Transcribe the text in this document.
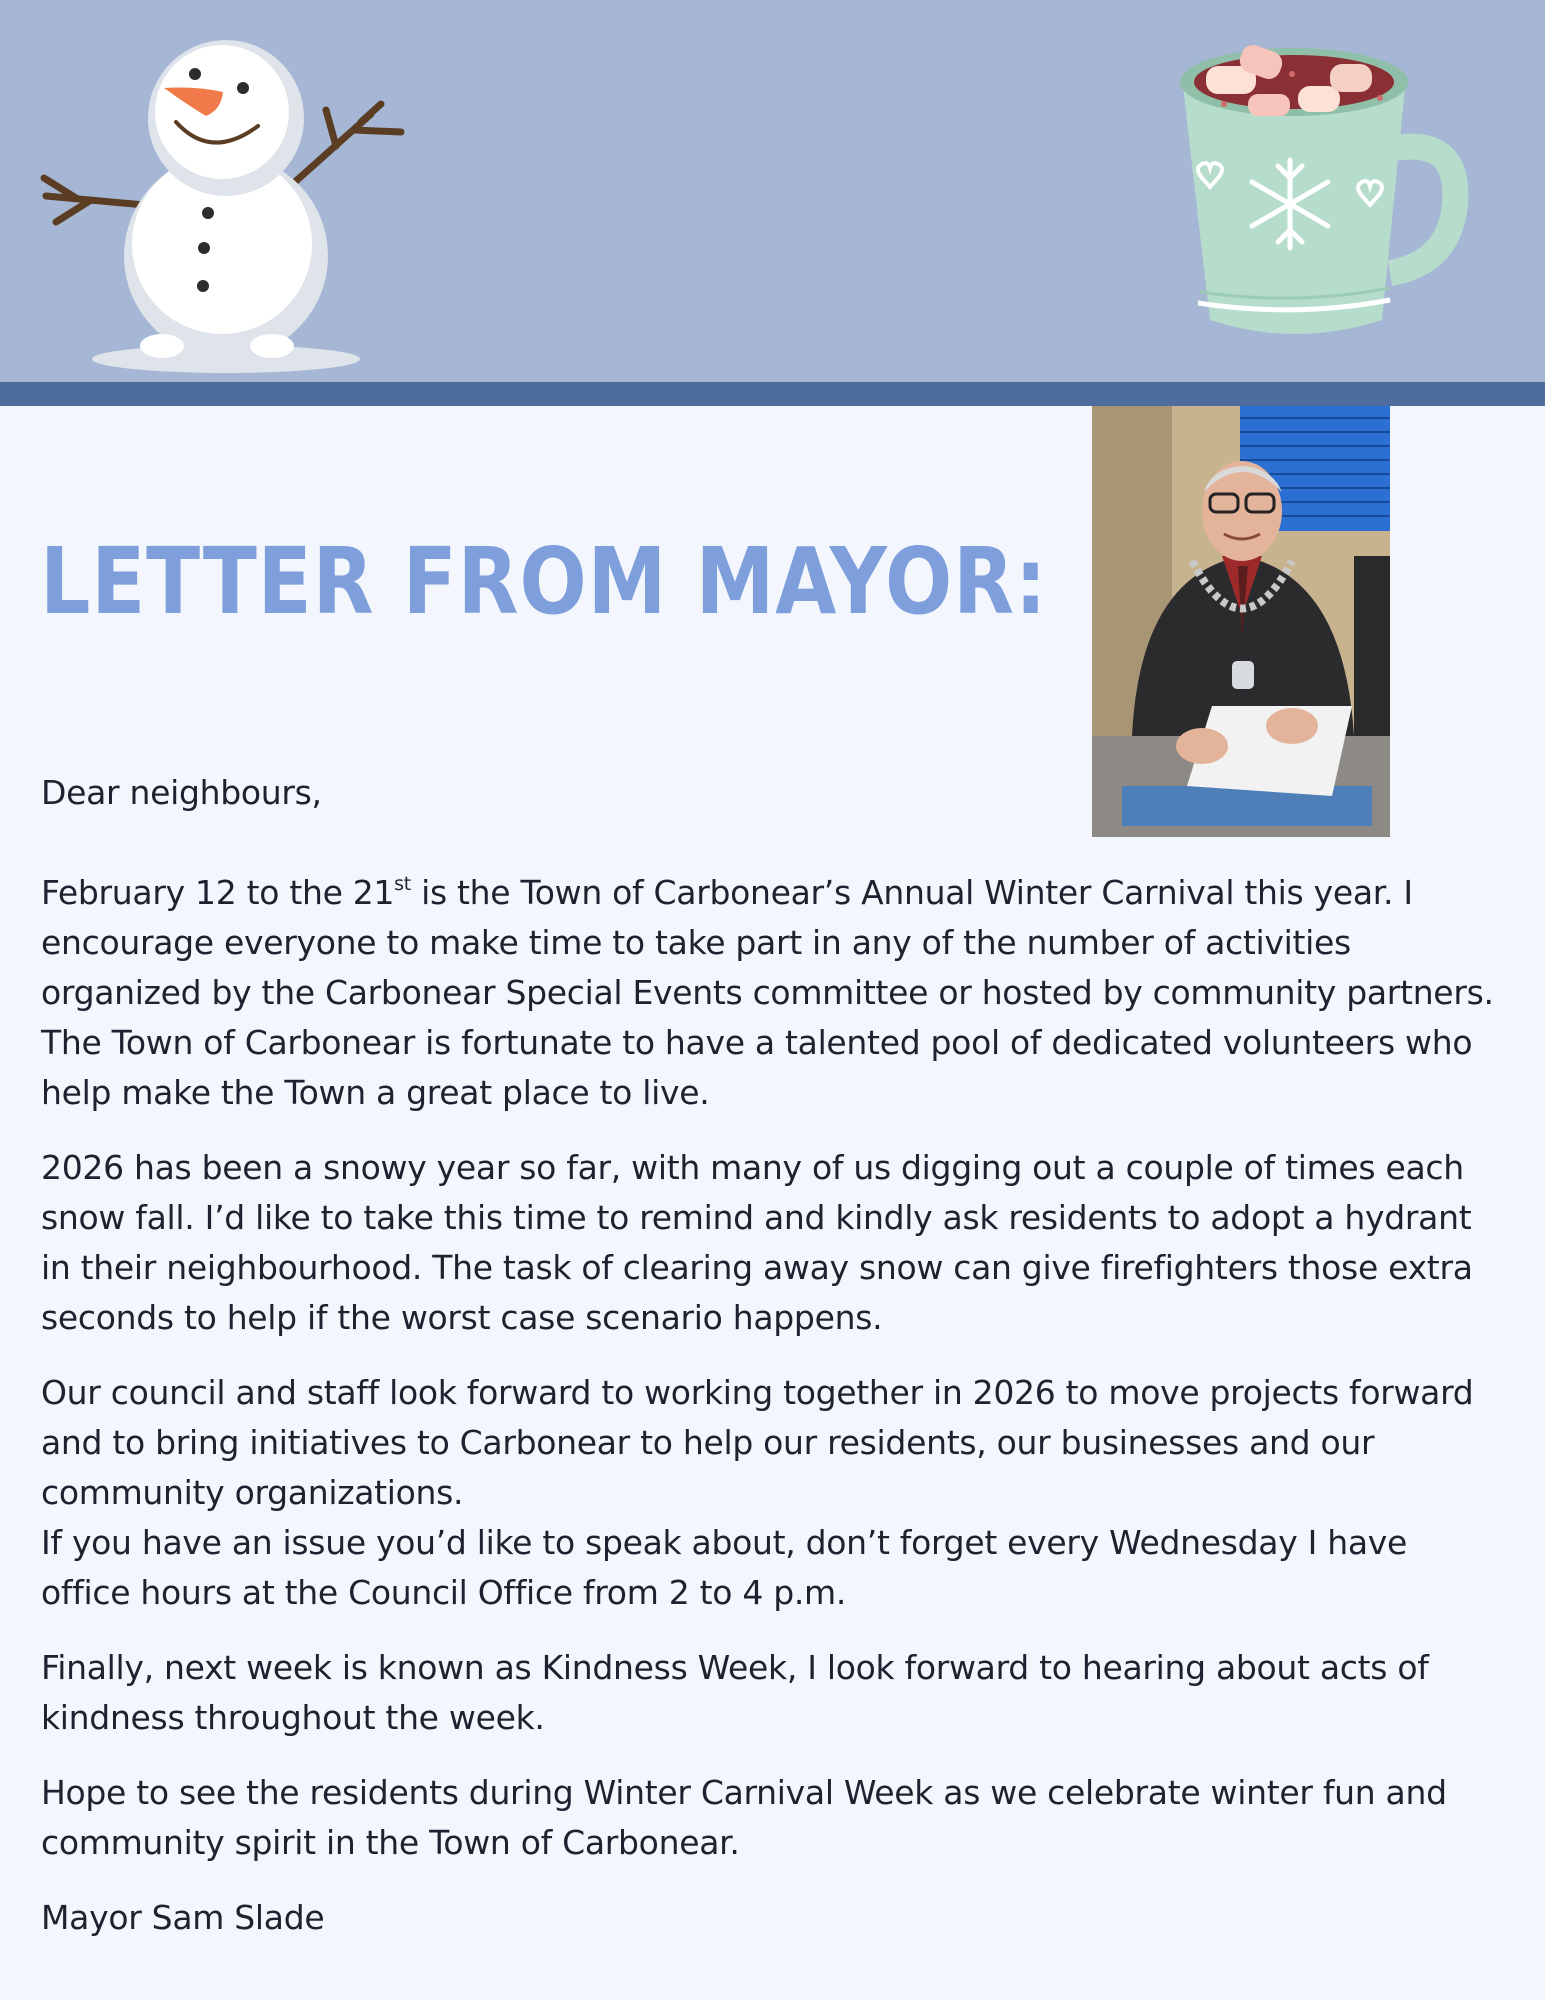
LETTER FROM MAYOR:

Dear neighbours,

February 12 to the 21st is the Town of Carbonear’s Annual Winter Carnival this year. I encourage everyone to make time to take part in any of the number of activities organized by the Carbonear Special Events committee or hosted by community partners. The Town of Carbonear is fortunate to have a talented pool of dedicated volunteers who help make the Town a great place to live.

2026 has been a snowy year so far, with many of us digging out a couple of times each snow fall. I’d like to take this time to remind and kindly ask residents to adopt a hydrant in their neighbourhood. The task of clearing away snow can give firefighters those extra seconds to help if the worst case scenario happens.

Our council and staff look forward to working together in 2026 to move projects forward and to bring initiatives to Carbonear to help our residents, our businesses and our community organizations.

If you have an issue you’d like to speak about, don’t forget every Wednesday I have office hours at the Council Office from 2 to 4 p.m.

Finally, next week is known as Kindness Week, I look forward to hearing about acts of kindness throughout the week.

Hope to see the residents during Winter Carnival Week as we celebrate winter fun and community spirit in the Town of Carbonear.

Mayor Sam Slade
